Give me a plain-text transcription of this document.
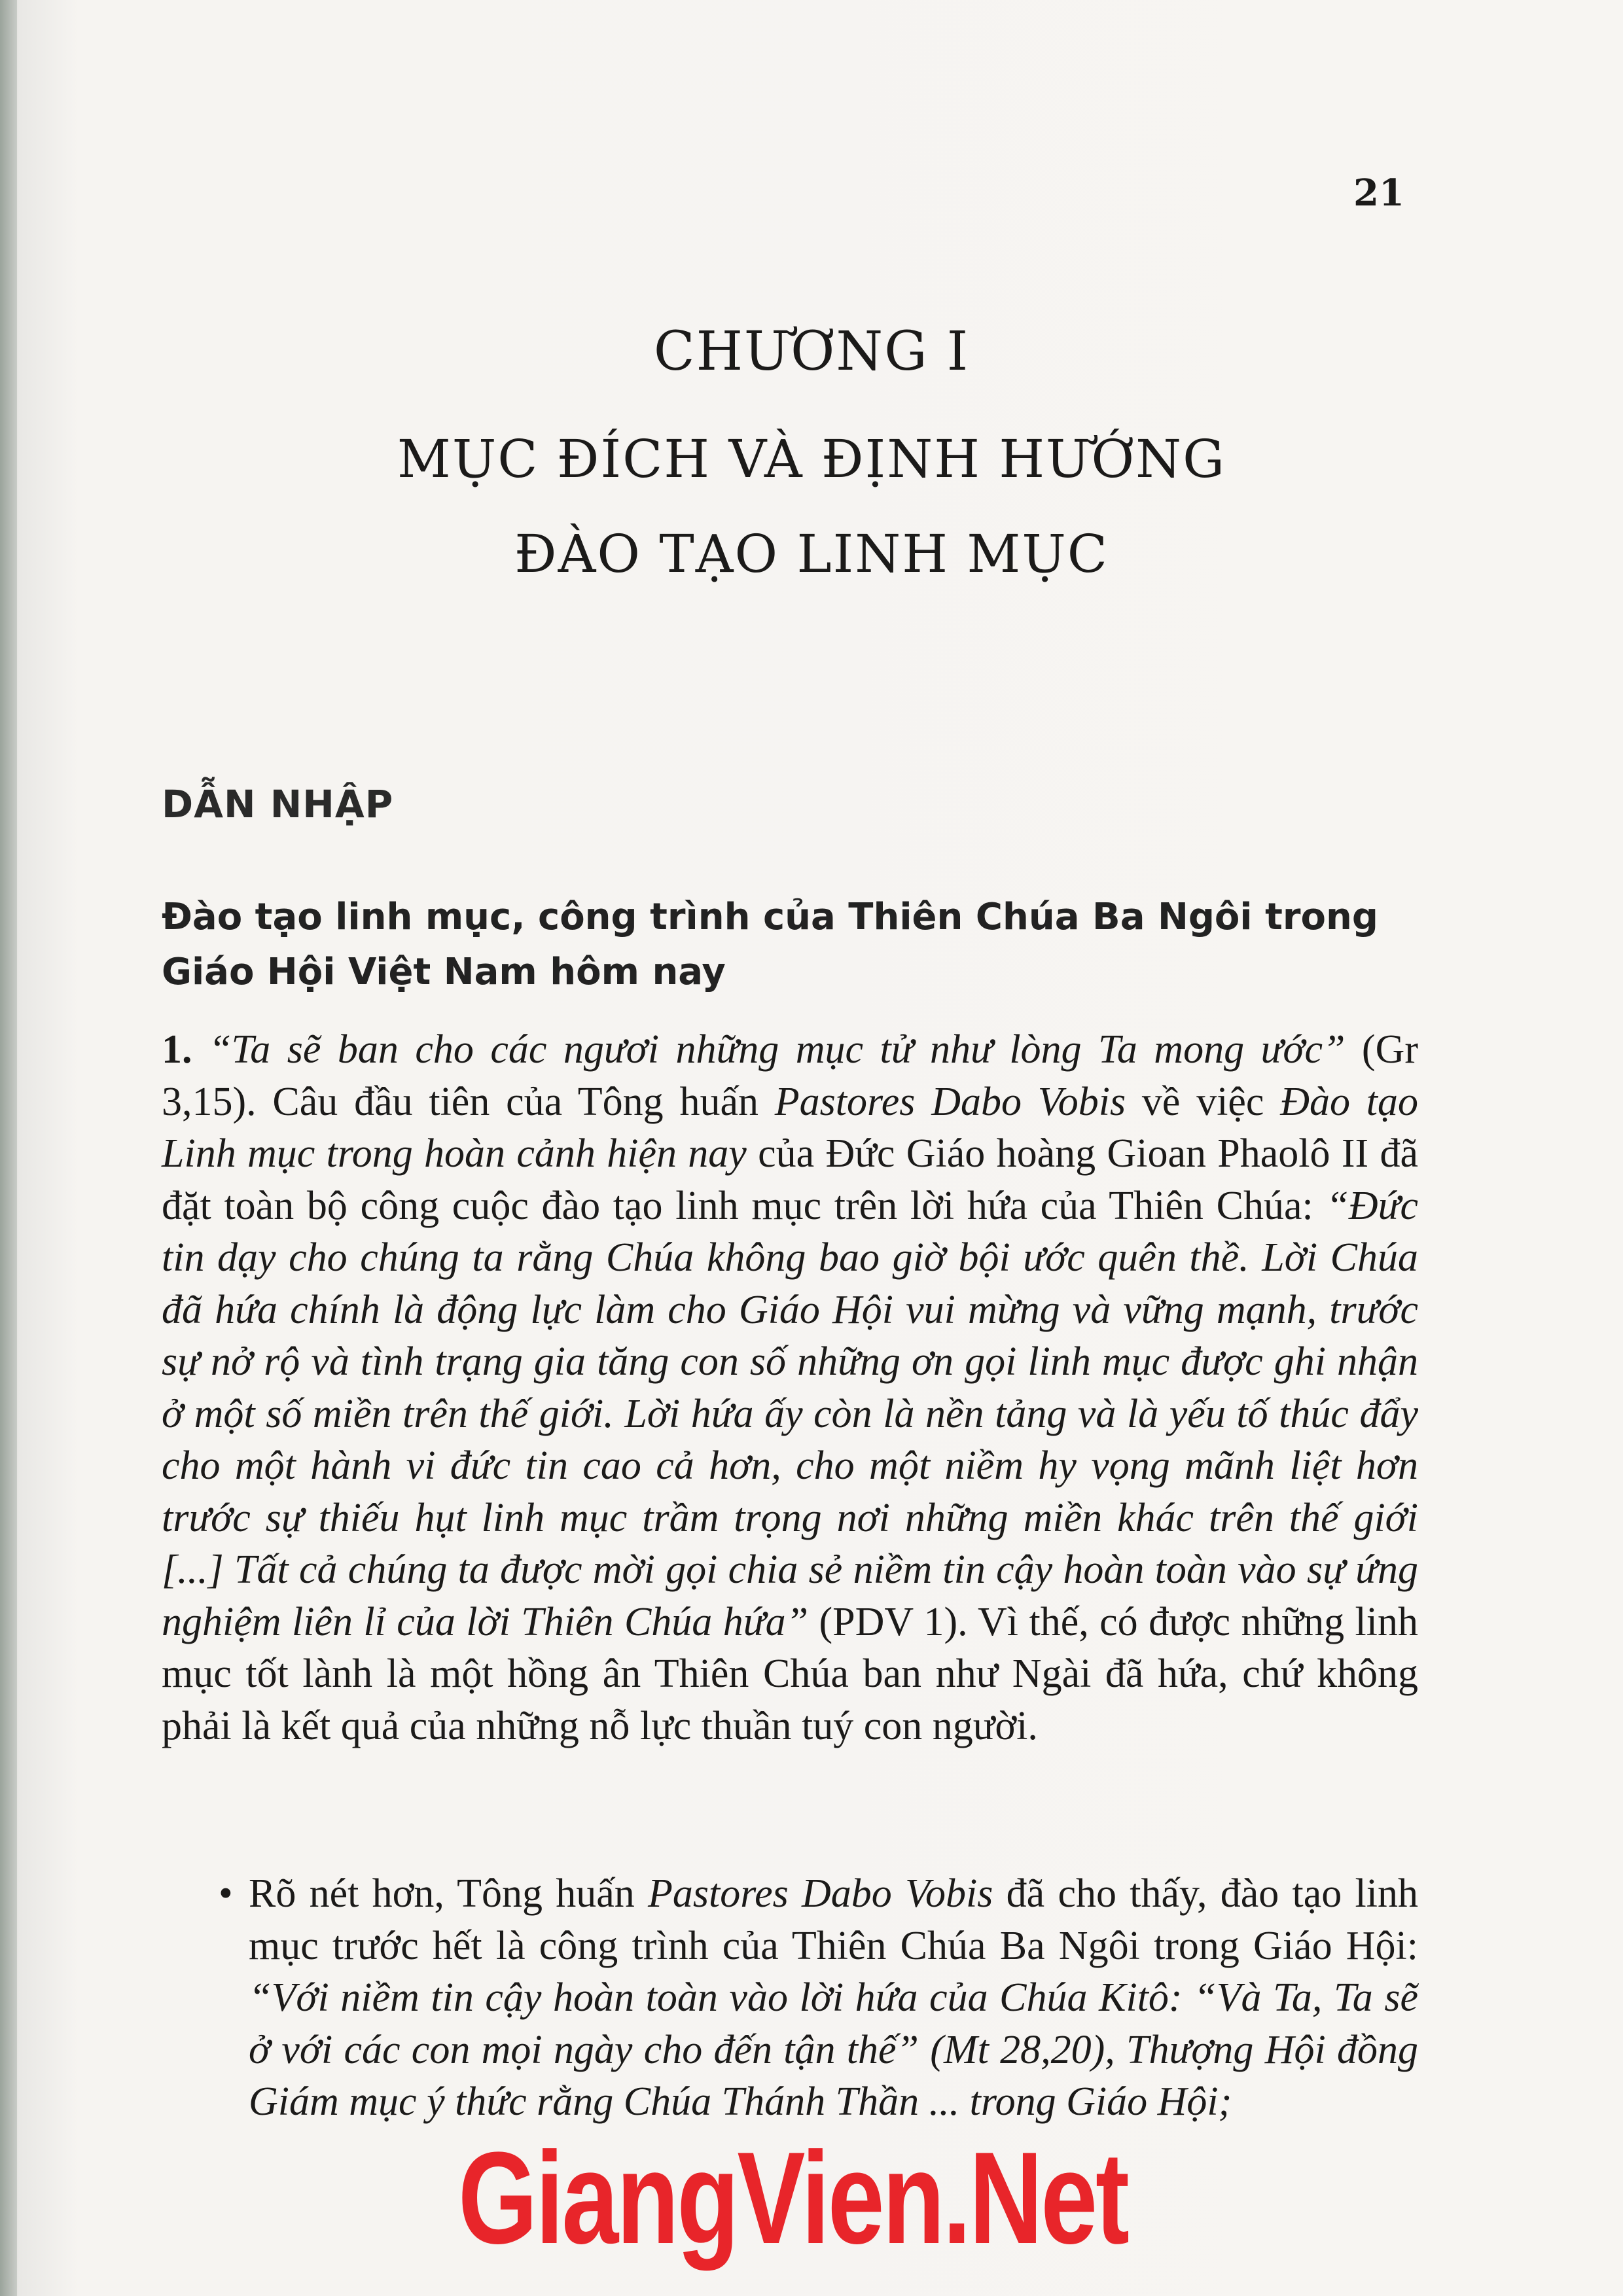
21
CHƯƠNG I
MỤC ĐÍCH VÀ ĐỊNH HƯỚNG
ĐÀO TẠO LINH MỤC
DẪN NHẬP
Đào tạo linh mục, công trình của Thiên Chúa Ba Ngôi trong Giáo Hội Việt Nam hôm nay

1. “Ta sẽ ban cho các ngươi những mục tử như lòng Ta mong ước” (Gr 3,15). Câu đầu tiên của Tông huấn Pastores Dabo Vobis về việc Đào tạo Linh mục trong hoàn cảnh hiện nay của Đức Giáo hoàng Gioan Phaolô II đã đặt toàn bộ công cuộc đào tạo linh mục trên lời hứa của Thiên Chúa: “Đức tin dạy cho chúng ta rằng Chúa không bao giờ bội ước quên thề. Lời Chúa đã hứa chính là động lực làm cho Giáo Hội vui mừng và vững mạnh, trước sự nở rộ và tình trạng gia tăng con số những ơn gọi linh mục được ghi nhận ở một số miền trên thế giới. Lời hứa ấy còn là nền tảng và là yếu tố thúc đẩy cho một hành vi đức tin cao cả hơn, cho một niềm hy vọng mãnh liệt hơn trước sự thiếu hụt linh mục trầm trọng nơi những miền khác trên thế giới [...] Tất cả chúng ta được mời gọi chia sẻ niềm tin cậy hoàn toàn vào sự ứng nghiệm liên lỉ của lời Thiên Chúa hứa” (PDV 1). Vì thế, có được những linh mục tốt lành là một hồng ân Thiên Chúa ban như Ngài đã hứa, chứ không phải là kết quả của những nỗ lực thuần tuý con người.

• Rõ nét hơn, Tông huấn Pastores Dabo Vobis đã cho thấy, đào tạo linh mục trước hết là công trình của Thiên Chúa Ba Ngôi trong Giáo Hội: “Với niềm tin cậy hoàn toàn vào lời hứa của Chúa Kitô: “Và Ta, Ta sẽ ở với các con mọi ngày cho đến tận thế” (Mt 28,20), Thượng Hội đồng Giám mục ý thức rằng Chúa Thánh Thần ... trong Giáo Hội;
GiangVien.Net
